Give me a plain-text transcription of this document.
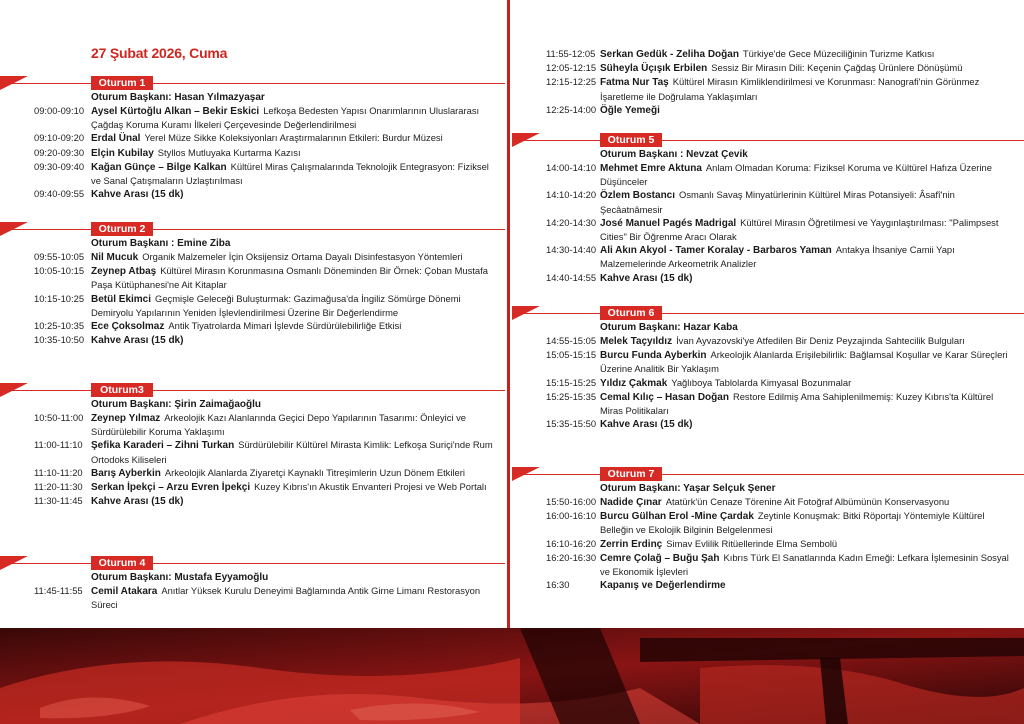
27 Şubat 2026, Cuma
Oturum 1
Oturum Başkanı: Hasan Yılmazyaşar
09:00-09:10 Aysel Kürtoğlu Alkan – Bekir Eskici Lefkoşa Bedesten Yapısı Onarımlarının Uluslararası Çağdaş Koruma Kuramı İlkeleri Çerçevesinde Değerlendirilmesi
09:10-09:20 Erdal Ünal Yerel Müze Sikke Koleksiyonları Araştırmalarının Etkileri: Burdur Müzesi
09:20-09:30 Elçin Kubilay Styllos Mutluyaka Kurtarma Kazısı
09:30-09:40 Kağan Günçe – Bilge Kalkan Kültürel Miras Çalışmalarında Teknolojik Entegrasyon: Fiziksel ve Sanal Çatışmaların Uzlaştırılması
09:40-09:55 Kahve Arası (15 dk)
Oturum 2
Oturum Başkanı : Emine Ziba
09:55-10:05 Nil Mucuk Organik Malzemeler İçin Oksijensiz Ortama Dayalı Disinfestasyon Yöntemleri
10:05-10:15 Zeynep Atbaş Kültürel Mirasın Korunmasına Osmanlı Döneminden Bir Örnek: Çoban Mustafa Paşa Kütüphanesi'ne Ait Kitaplar
10:15-10:25 Betül Ekimci Geçmişle Geleceği Buluşturmak: Gazimağusa'da İngiliz Sömürge Dönemi Demiryolu Yapılarının Yeniden İşlevlendirilmesi Üzerine Bir Değerlendirme
10:25-10:35 Ece Çoksolmaz Antik Tiyatrolarda Mimari İşlevde Sürdürülebilirliğe Etkisi
10:35-10:50 Kahve Arası (15 dk)
Oturum3
Oturum Başkanı: Şirin Zaimağaoğlu
10:50-11:00 Zeynep Yılmaz Arkeolojik Kazı Alanlarında Geçici Depo Yapılarının Tasarımı: Önleyici ve Sürdürülebilir Koruma Yaklaşımı
11:00-11:10 Şefika Karaderi – Zihni Turkan Sürdürülebilir Kültürel Mirasta Kimlik: Lefkoşa Suriçi'nde Rum Ortodoks Kiliseleri
11:10-11:20 Barış Ayberkin Arkeolojik Alanlarda Ziyaretçi Kaynaklı Titreşimlerin Uzun Dönem Etkileri
11:20-11:30 Serkan İpekçi – Arzu Evren İpekçi Kuzey Kıbrıs'ın Akustik Envanteri Projesi ve Web Portalı
11:30-11:45 Kahve Arası (15 dk)
Oturum 4
Oturum Başkanı: Mustafa Eyyamoğlu
11:45-11:55 Cemil Atakara Anıtlar Yüksek Kurulu Deneyimi Bağlamında Antik Girne Limanı Restorasyon Süreci
11:55-12:05 Serkan Gedük - Zeliha Doğan Türkiye'de Gece Müzeciliğinin Turizme Katkısı
12:05-12:15 Süheyla Üçışık Erbilen Sessiz Bir Mirasın Dili: Keçenin Çağdaş Ürünlere Dönüşümü
12:15-12:25 Fatma Nur Taş Kültürel Mirasın Kimliklendirilmesi ve Korunması: Nanografi'nin Görünmez İşaretleme ile Doğrulama Yaklaşımları
12:25-14:00 Öğle Yemeği
Oturum 5
Oturum Başkanı : Nevzat Çevik
14:00-14:10 Mehmet Emre Aktuna Anlam Olmadan Koruma: Fiziksel Koruma ve Kültürel Hafıza Üzerine Düşünceler
14:10-14:20 Özlem Bostancı Osmanlı Savaş Minyatürlerinin Kültürel Miras Potansiyeli: Âsafî'nin Şecâatnâmesir
14:20-14:30 José Manuel Pagés Madrigal Kültürel Mirasın Öğretilmesi ve Yaygınlaştırılması: "Palimpsest Cities" Bir Öğrenme Aracı Olarak
14:30-14:40 Ali Akın Akyol - Tamer Koralay - Barbaros Yaman Antakya İhsaniye Camii Yapı Malzemelerinde Arkeometrik Analizler
14:40-14:55 Kahve Arası (15 dk)
Oturum 6
Oturum Başkanı: Hazar Kaba
14:55-15:05 Melek Taçyıldız İvan Ayvazovski'ye Atfedilen Bir Deniz Peyzajında Sahtecilik Bulguları
15:05-15:15 Burcu Funda Ayberkin Arkeolojik Alanlarda Erişilebilirlik: Bağlamsal Koşullar ve Karar Süreçleri Üzerine Analitik Bir Yaklaşım
15:15-15:25 Yıldız Çakmak Yağlıboya Tablolarda Kimyasal Bozunmalar
15:25-15:35 Cemal Kılıç – Hasan Doğan Restore Edilmiş Ama Sahiplenilmemiş: Kuzey Kıbrıs'ta Kültürel Miras Politikaları
15:35-15:50 Kahve Arası (15 dk)
Oturum 7
Oturum Başkanı: Yaşar Selçuk Şener
15:50-16:00 Nadide Çınar Atatürk'ün Cenaze Törenine Ait Fotoğraf Albümünün Konservasyonu
16:00-16:10 Burcu Gülhan Erol -Mine Çardak Zeytinle Konuşmak: Bitki Röportajı Yöntemiyle Kültürel Belleğin ve Ekolojik Bilginin Belgelenmesi
16:10-16:20 Zerrin Erdinç Simav Evlilik Ritüellerinde Elma Sembolü
16:20-16:30 Cemre Çolağ – Buğu Şah Kıbrıs Türk El Sanatlarında Kadın Emeği: Lefkara İşlemesinin Sosyal ve Ekonomik İşlevleri
16:30	Kapanış ve Değerlendirme
